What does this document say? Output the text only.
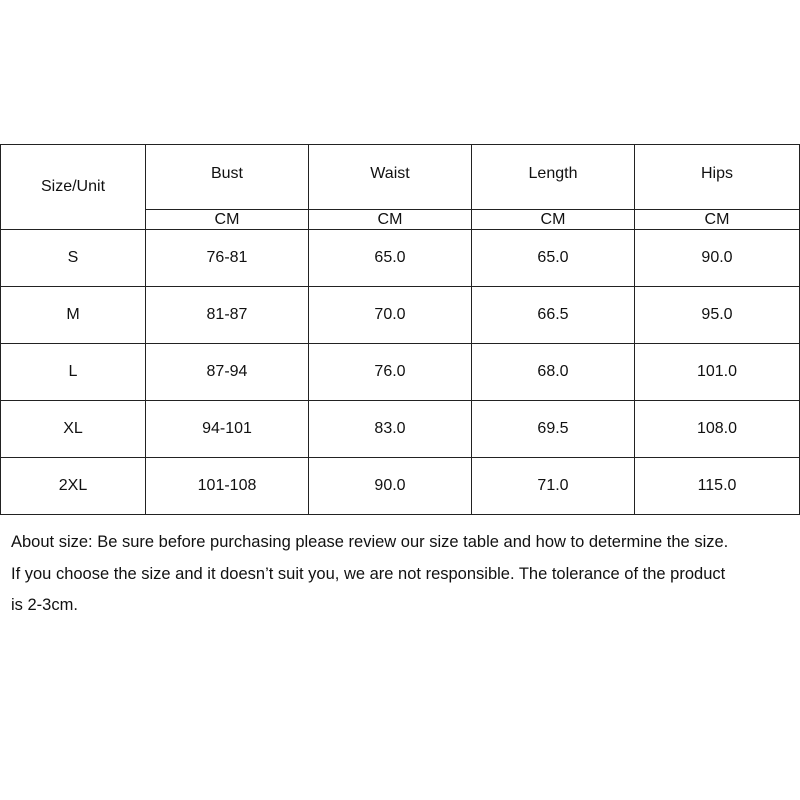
Size/Unit	Bust	Waist	Length	Hips
	CM	CM	CM	CM
S	76-81	65.0	65.0	90.0
M	81-87	70.0	66.5	95.0
L	87-94	76.0	68.0	101.0
XL	94-101	83.0	69.5	108.0
2XL	101-108	90.0	71.0	115.0

About size: Be sure before purchasing please review our size table and how to determine the size.

If you choose the size and it doesn’t suit you, we are not responsible. The tolerance of the product

is 2-3cm.
